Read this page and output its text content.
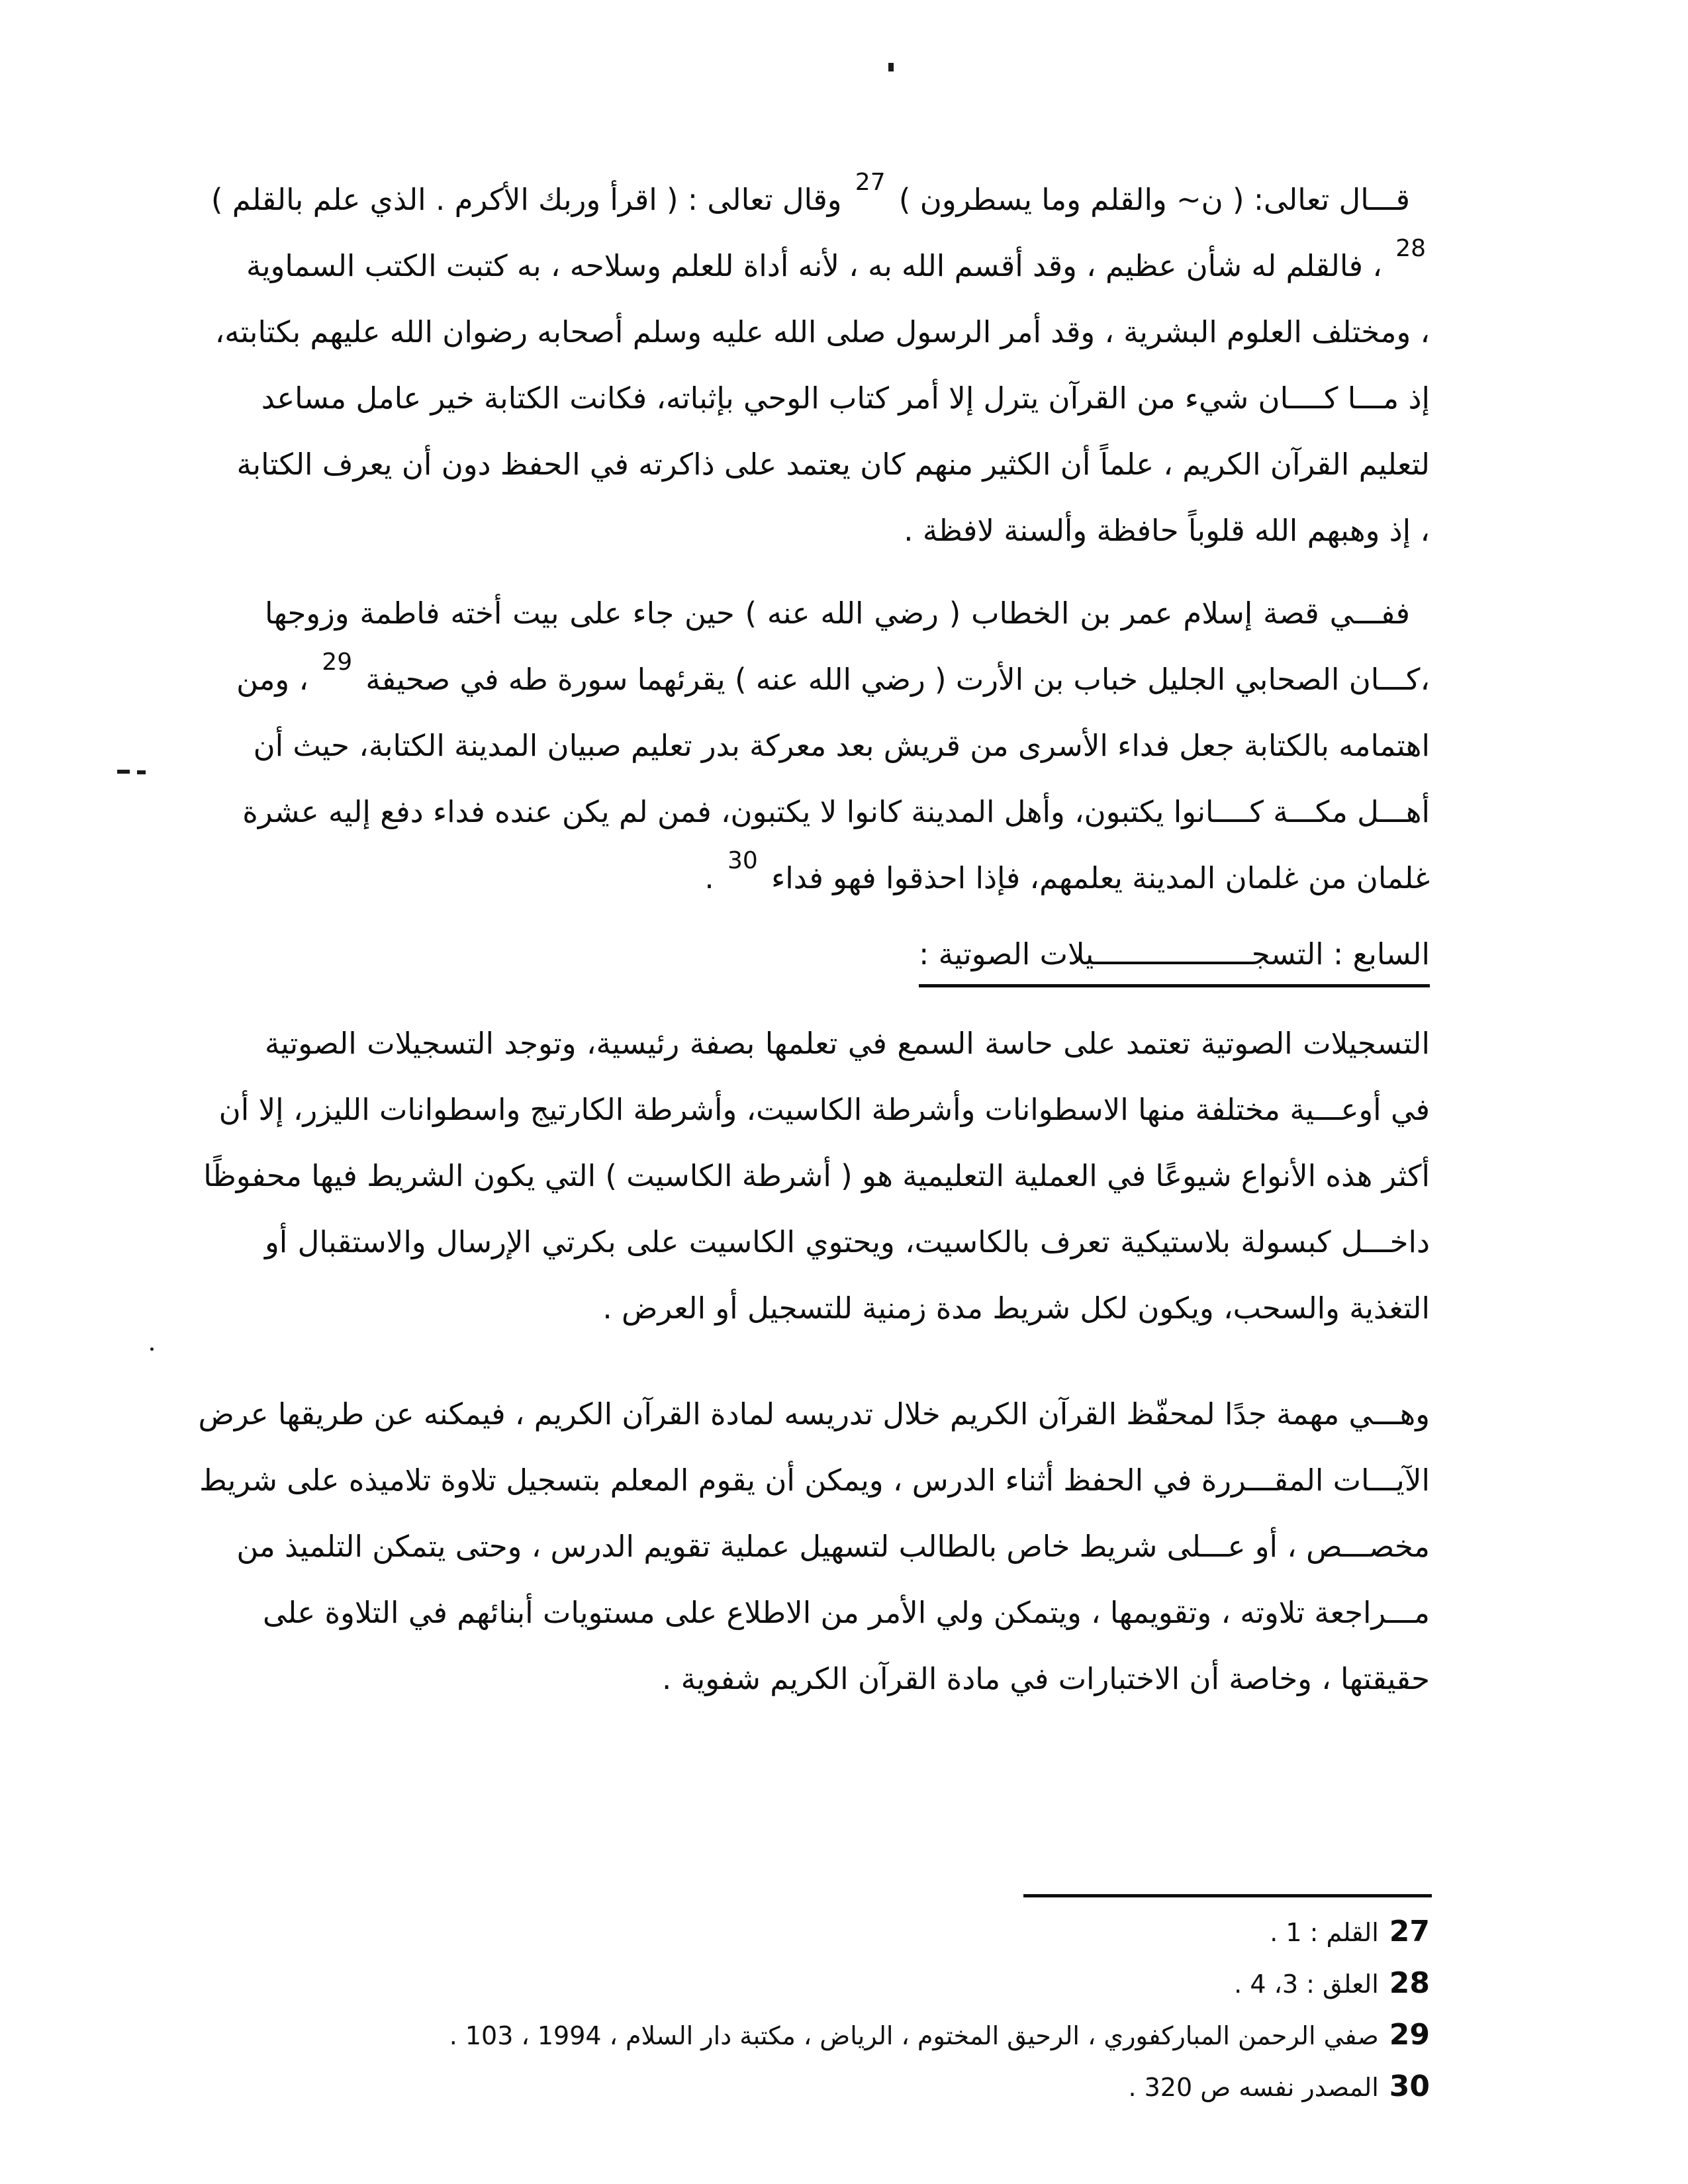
قـــال تعالى: ( ن~ والقلم وما يسطرون ) $^{27}$ وقال تعالى : ( اقرأ وربك الأكرم . الذي علم بالقلم )
$^{28}$ ، فالقلم له شأن عظيم ، وقد أقسم الله به ، لأنه أداة للعلم وسلاحه ، به كتبت الكتب السماوية
، ومختلف العلوم البشرية ، وقد أمر الرسول صلى الله عليه وسلم أصحابه رضوان الله عليهم بكتابته،
إذ مـــا كــــان شيء من القرآن يترل إلا أمر كتاب الوحي بإثباته، فكانت الكتابة خير عامل مساعد
لتعليم القرآن الكريم ، علماً أن الكثير منهم كان يعتمد على ذاكرته في الحفظ دون أن يعرف الكتابة
، إذ وهبهم الله قلوباً حافظة وألسنة لافظة .
ففـــي قصة إسلام عمر بن الخطاب ( رضي الله عنه ) حين جاء على بيت أخته فاطمة وزوجها
،كـــان الصحابي الجليل خباب بن الأرت ( رضي الله عنه ) يقرئهما سورة طه في صحيفة $^{29}$ ، ومن
اهتمامه بالكتابة جعل فداء الأسرى من قريش بعد معركة بدر تعليم صبيان المدينة الكتابة، حيث أن
أهـــل مكـــة كــــانوا يكتبون، وأهل المدينة كانوا لا يكتبون، فمن لم يكن عنده فداء دفع إليه عشرة
غلمان من غلمان المدينة يعلمهم، فإذا احذقوا فهو فداء $^{30}$ .
السابع : التسجــــــــــــــــــيلات الصوتية :
التسجيلات الصوتية تعتمد على حاسة السمع في تعلمها بصفة رئيسية، وتوجد التسجيلات الصوتية
في أوعـــية مختلفة منها الاسطوانات وأشرطة الكاسيت، وأشرطة الكارتيج واسطوانات الليزر، إلا أن
أكثر هذه الأنواع شيوعًا في العملية التعليمية هو ( أشرطة الكاسيت ) التي يكون الشريط فيها محفوظًا
داخـــل كبسولة بلاستيكية تعرف بالكاسيت، ويحتوي الكاسيت على بكرتي الإرسال والاستقبال أو
التغذية والسحب، ويكون لكل شريط مدة زمنية للتسجيل أو العرض .
وهـــي مهمة جدًا لمحفّظ القرآن الكريم خلال تدريسه لمادة القرآن الكريم ، فيمكنه عن طريقها عرض
الآيـــات المقـــررة في الحفظ أثناء الدرس ، ويمكن أن يقوم المعلم بتسجيل تلاوة تلاميذه على شريط
مخصـــص ، أو عـــلى شريط خاص بالطالب لتسهيل عملية تقويم الدرس ، وحتى يتمكن التلميذ من
مـــراجعة تلاوته ، وتقويمها ، ويتمكن ولي الأمر من الاطلاع على مستويات أبنائهم في التلاوة على
حقيقتها ، وخاصة أن الاختبارات في مادة القرآن الكريم شفوية .
27القلم : 1 .
28العلق : 3، 4 .
29صفي الرحمن المباركفوري ، الرحيق المختوم ، الرياض ، مكتبة دار السلام ، 1994 ، 103 .
30المصدر نفسه ص 320 .
